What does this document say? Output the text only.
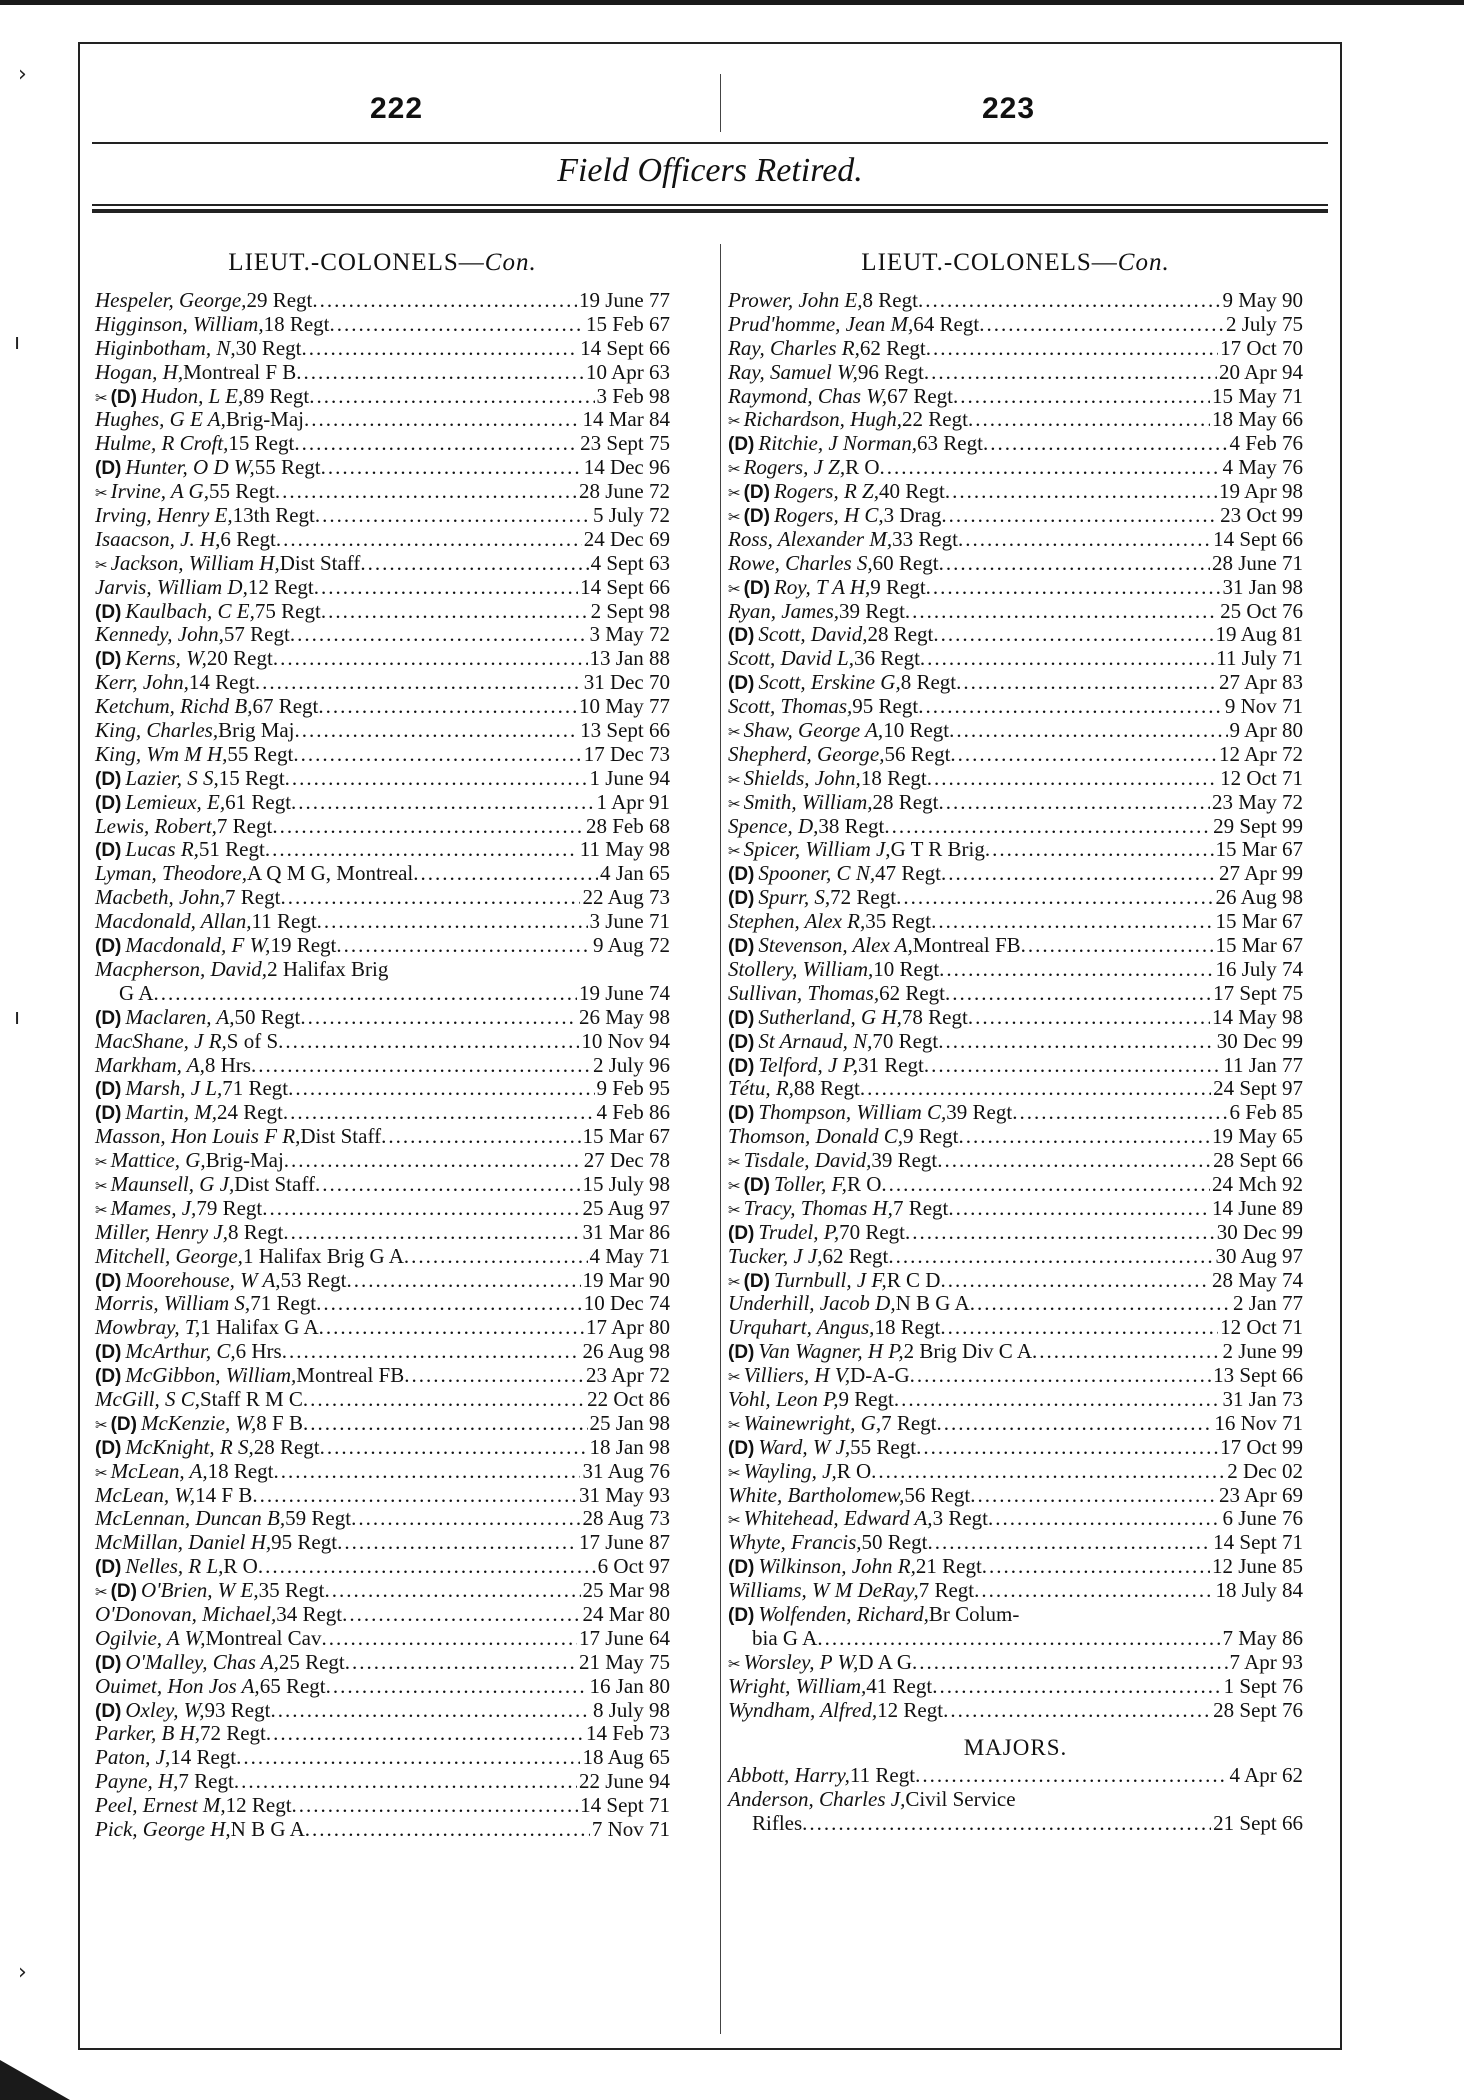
›
ı
ı
›
222	223
Field Officers Retired.
LIEUT.-COLONELS—Con.
Hespeler, George, 29 Regt .....	19 June 77
Higginson, William, 18 Regt .....	15 Feb 67
Higinbotham, N, 30 Regt .....	14 Sept 66
Hogan, H, Montreal F B .....	10 Apr 63
✂ (D) Hudon, L E, 89 Regt .....	3 Feb 98
Hughes, G E A, Brig-Maj .....	14 Mar 84
Hulme, R Croft, 15 Regt .....	23 Sept 75
(D) Hunter, O D W, 55 Regt .....	14 Dec 96
✂ Irvine, A G, 55 Regt .....	28 June 72
Irving, Henry E, 13th Regt .....	5 July 72
Isaacson, J. H, 6 Regt .....	24 Dec 69
✂ Jackson, William H, Dist Staff .....	4 Sept 63
Jarvis, William D, 12 Regt .....	14 Sept 66
(D) Kaulbach, C E, 75 Regt .....	2 Sept 98
Kennedy, John, 57 Regt .....	3 May 72
(D) Kerns, W, 20 Regt .....	13 Jan 88
Kerr, John, 14 Regt .....	31 Dec 70
Ketchum, Richd B, 67 Regt .....	10 May 77
King, Charles, Brig Maj .....	13 Sept 66
King, Wm M H, 55 Regt .....	17 Dec 73
(D) Lazier, S S, 15 Regt .....	1 June 94
(D) Lemieux, E, 61 Regt .....	1 Apr 91
Lewis, Robert, 7 Regt .....	28 Feb 68
(D) Lucas R, 51 Regt .....	11 May 98
Lyman, Theodore, A Q M G, Montreal .....	4 Jan 65
Macbeth, John, 7 Regt .....	22 Aug 73
Macdonald, Allan, 11 Regt .....	3 June 71
(D) Macdonald, F W, 19 Regt .....	9 Aug 72
Macpherson, David, 2 Halifax Brig
G A .....	19 June 74
(D) Maclaren, A, 50 Regt .....	26 May 98
MacShane, J R, S of S .....	10 Nov 94
Markham, A, 8 Hrs .....	2 July 96
(D) Marsh, J L, 71 Regt .....	9 Feb 95
(D) Martin, M, 24 Regt .....	4 Feb 86
Masson, Hon Louis F R, Dist Staff .....	15 Mar 67
✂ Mattice, G, Brig-Maj .....	27 Dec 78
✂ Maunsell, G J, Dist Staff .....	15 July 98
✂ Mames, J, 79 Regt .....	25 Aug 97
Miller, Henry J, 8 Regt .....	31 Mar 86
Mitchell, George, 1 Halifax Brig G A .....	4 May 71
(D) Moorehouse, W A, 53 Regt .....	19 Mar 90
Morris, William S, 71 Regt .....	10 Dec 74
Mowbray, T, 1 Halifax G A .....	17 Apr 80
(D) McArthur, C, 6 Hrs .....	26 Aug 98
(D) McGibbon, William, Montreal FB .....	23 Apr 72
McGill, S C, Staff R M C .....	22 Oct 86
✂ (D) McKenzie, W, 8 F B .....	25 Jan 98
(D) McKnight, R S, 28 Regt .....	18 Jan 98
✂ McLean, A, 18 Regt .....	31 Aug 76
McLean, W, 14 F B .....	31 May 93
McLennan, Duncan B, 59 Regt .....	28 Aug 73
McMillan, Daniel H, 95 Regt .....	17 June 87
(D) Nelles, R L, R O .....	6 Oct 97
✂ (D) O'Brien, W E, 35 Regt .....	25 Mar 98
O'Donovan, Michael, 34 Regt .....	24 Mar 80
Ogilvie, A W, Montreal Cav .....	17 June 64
(D) O'Malley, Chas A, 25 Regt .....	21 May 75
Ouimet, Hon Jos A, 65 Regt .....	16 Jan 80
(D) Oxley, W, 93 Regt .....	8 July 98
Parker, B H, 72 Regt .....	14 Feb 73
Paton, J, 14 Regt .....	18 Aug 65
Payne, H, 7 Regt .....	22 June 94
Peel, Ernest M, 12 Regt .....	14 Sept 71
Pick, George H, N B G A .....	7 Nov 71
LIEUT.-COLONELS—Con.
Prower, John E, 8 Regt .....	9 May 90
Prud'homme, Jean M, 64 Regt .....	2 July 75
Ray, Charles R, 62 Regt .....	17 Oct 70
Ray, Samuel W, 96 Regt .....	20 Apr 94
Raymond, Chas W, 67 Regt .....	15 May 71
✂ Richardson, Hugh, 22 Regt .....	18 May 66
(D) Ritchie, J Norman, 63 Regt .....	4 Feb 76
✂ Rogers, J Z, R O .....	4 May 76
✂ (D) Rogers, R Z, 40 Regt .....	19 Apr 98
✂ (D) Rogers, H C, 3 Drag .....	23 Oct 99
Ross, Alexander M, 33 Regt .....	14 Sept 66
Rowe, Charles S, 60 Regt .....	28 June 71
✂ (D) Roy, T A H, 9 Regt .....	31 Jan 98
Ryan, James, 39 Regt .....	25 Oct 76
(D) Scott, David, 28 Regt .....	19 Aug 81
Scott, David L, 36 Regt .....	11 July 71
(D) Scott, Erskine G, 8 Regt .....	27 Apr 83
Scott, Thomas, 95 Regt .....	9 Nov 71
✂ Shaw, George A, 10 Regt .....	9 Apr 80
Shepherd, George, 56 Regt .....	12 Apr 72
✂ Shields, John, 18 Regt .....	12 Oct 71
✂ Smith, William, 28 Regt .....	23 May 72
Spence, D, 38 Regt .....	29 Sept 99
✂ Spicer, William J, G T R Brig .....	15 Mar 67
(D) Spooner, C N, 47 Regt .....	27 Apr 99
(D) Spurr, S, 72 Regt .....	26 Aug 98
Stephen, Alex R, 35 Regt .....	15 Mar 67
(D) Stevenson, Alex A, Montreal FB .....	15 Mar 67
Stollery, William, 10 Regt .....	16 July 74
Sullivan, Thomas, 62 Regt .....	17 Sept 75
(D) Sutherland, G H, 78 Regt .....	14 May 98
(D) St Arnaud, N, 70 Regt .....	30 Dec 99
(D) Telford, J P, 31 Regt .....	11 Jan 77
Tétu, R, 88 Regt .....	24 Sept 97
(D) Thompson, William C, 39 Regt .....	6 Feb 85
Thomson, Donald C, 9 Regt .....	19 May 65
✂ Tisdale, David, 39 Regt .....	28 Sept 66
✂ (D) Toller, F, R O .....	24 Mch 92
✂ Tracy, Thomas H, 7 Regt .....	14 June 89
(D) Trudel, P, 70 Regt .....	30 Dec 99
Tucker, J J, 62 Regt .....	30 Aug 97
✂ (D) Turnbull, J F, R C D .....	28 May 74
Underhill, Jacob D, N B G A .....	2 Jan 77
Urquhart, Angus, 18 Regt .....	12 Oct 71
(D) Van Wagner, H P, 2 Brig Div C A .....	2 June 99
✂ Villiers, H V, D-A-G .....	13 Sept 66
Vohl, Leon P, 9 Regt .....	31 Jan 73
✂ Wainewright, G, 7 Regt .....	16 Nov 71
(D) Ward, W J, 55 Regt .....	17 Oct 99
✂ Wayling, J, R O .....	2 Dec 02
White, Bartholomew, 56 Regt .....	23 Apr 69
✂ Whitehead, Edward A, 3 Regt .....	6 June 76
Whyte, Francis, 50 Regt .....	14 Sept 71
(D) Wilkinson, John R, 21 Regt .....	12 June 85
Williams, W M DeRay, 7 Regt .....	18 July 84
(D) Wolfenden, Richard, Br Colum-
bia G A .....	7 May 86
✂ Worsley, P W, D A G .....	7 Apr 93
Wright, William, 41 Regt .....	1 Sept 76
Wyndham, Alfred, 12 Regt .....	28 Sept 76
MAJORS.
Abbott, Harry, 11 Regt .....	4 Apr 62
Anderson, Charles J, Civil Service
Rifles .....	21 Sept 66
